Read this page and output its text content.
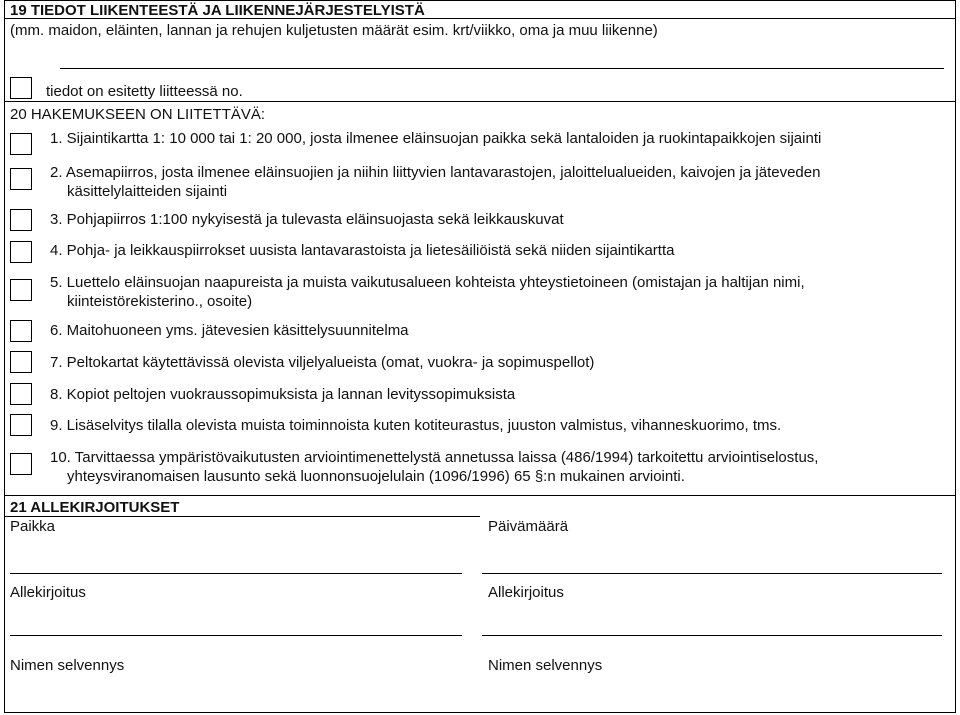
19 TIEDOT LIIKENTEESTÄ JA LIIKENNEJÄRJESTELYISTÄ
(mm. maidon, eläinten, lannan ja rehujen kuljetusten määrät esim. krt/viikko, oma ja muu liikenne)
tiedot on esitetty liitteessä no.
20 HAKEMUKSEEN ON LIITETTÄVÄ:
1. Sijaintikartta 1: 10 000 tai 1: 20 000, josta ilmenee eläinsuojan paikka sekä lantaloiden ja ruokintapaikkojen sijainti
2. Asemapiirros, josta ilmenee eläinsuojien ja niihin liittyvien lantavarastojen, jaloittelualueiden, kaivojen ja jäteveden
käsittelylaitteiden sijainti
3. Pohjapiirros 1:100 nykyisestä ja tulevasta eläinsuojasta sekä leikkauskuvat
4. Pohja- ja leikkauspiirrokset uusista lantavarastoista ja lietesäiliöistä sekä niiden sijaintikartta
5. Luettelo eläinsuojan naapureista ja muista vaikutusalueen kohteista yhteystietoineen (omistajan ja haltijan nimi,
kiinteistörekisterino., osoite)
6. Maitohuoneen yms. jätevesien käsittelysuunnitelma
7. Peltokartat käytettävissä olevista viljelyalueista (omat, vuokra- ja sopimuspellot)
8. Kopiot peltojen vuokraussopimuksista ja lannan levityssopimuksista
9. Lisäselvitys tilalla olevista muista toiminnoista kuten kotiteurastus, juuston valmistus, vihanneskuorimo, tms.
10. Tarvittaessa ympäristövaikutusten arviointimenettelystä annetussa laissa (486/1994) tarkoitettu arviointiselostus,
yhteysviranomaisen lausunto sekä luonnonsuojelulain (1096/1996) 65 §:n mukainen arviointi.
21 ALLEKIRJOITUKSET
Paikka	Päivämäärä
Allekirjoitus	Allekirjoitus
Nimen selvennys	Nimen selvennys
